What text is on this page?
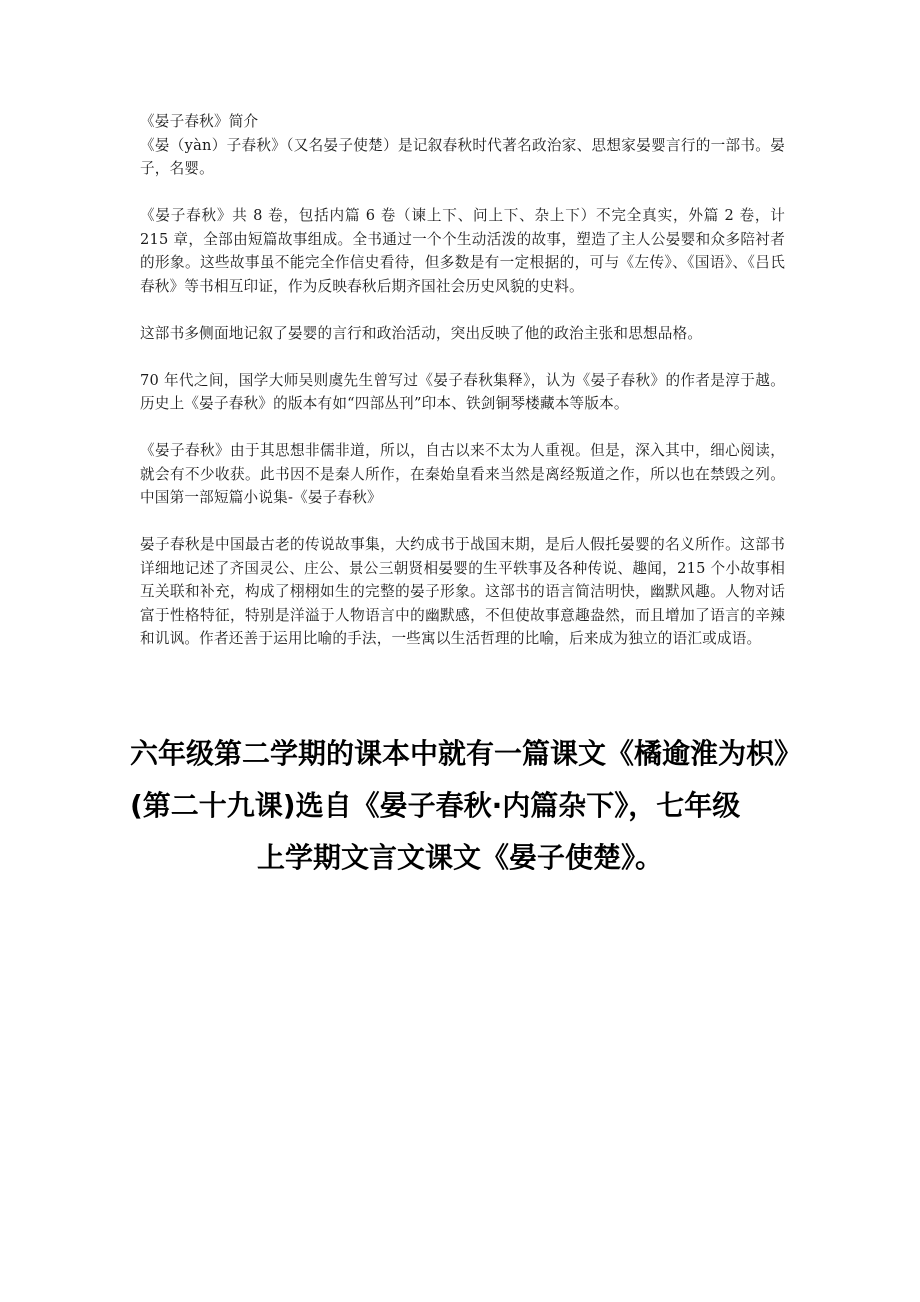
《晏子春秋》简介

《晏（yàn）子春秋》（又名晏子使楚）是记叙春秋时代著名政治家、思想家晏婴言行的一部书。晏子，名婴。

《晏子春秋》共 8 卷，包括内篇 6 卷（谏上下、问上下、杂上下）不完全真实，外篇 2 卷，计 215 章，全部由短篇故事组成。全书通过一个个生动活泼的故事，塑造了主人公晏婴和众多陪衬者的形象。这些故事虽不能完全作信史看待，但多数是有一定根据的，可与《左传》、《国语》、《吕氏春秋》等书相互印证，作为反映春秋后期齐国社会历史风貌的史料。

这部书多侧面地记叙了晏婴的言行和政治活动，突出反映了他的政治主张和思想品格。

70 年代之间，国学大师吴则虞先生曾写过《晏子春秋集释》，认为《晏子春秋》的作者是淳于越。历史上《晏子春秋》的版本有如“四部丛刊”印本、铁剑铜琴楼藏本等版本。

《晏子春秋》由于其思想非儒非道，所以，自古以来不太为人重视。但是，深入其中，细心阅读，就会有不少收获。此书因不是秦人所作，在秦始皇看来当然是离经叛道之作，所以也在禁毁之列。 中国第一部短篇小说集-《晏子春秋》

晏子春秋是中国最古老的传说故事集，大约成书于战国末期，是后人假托晏婴的名义所作。这部书详细地记述了齐国灵公、庄公、景公三朝贤相晏婴的生平轶事及各种传说、趣闻，215 个小故事相互关联和补充，构成了栩栩如生的完整的晏子形象。这部书的语言简洁明快，幽默风趣。人物对话富于性格特征，特别是洋溢于人物语言中的幽默感，不但使故事意趣盎然，而且增加了语言的辛辣和讥讽。作者还善于运用比喻的手法，一些寓以生活哲理的比喻，后来成为独立的语汇或成语。

六年级第二学期的课本中就有一篇课文《橘逾淮为枳》
(第二十九课)选自《晏子春秋·内篇杂下》，七年级
上学期文言文课文《晏子使楚》。
